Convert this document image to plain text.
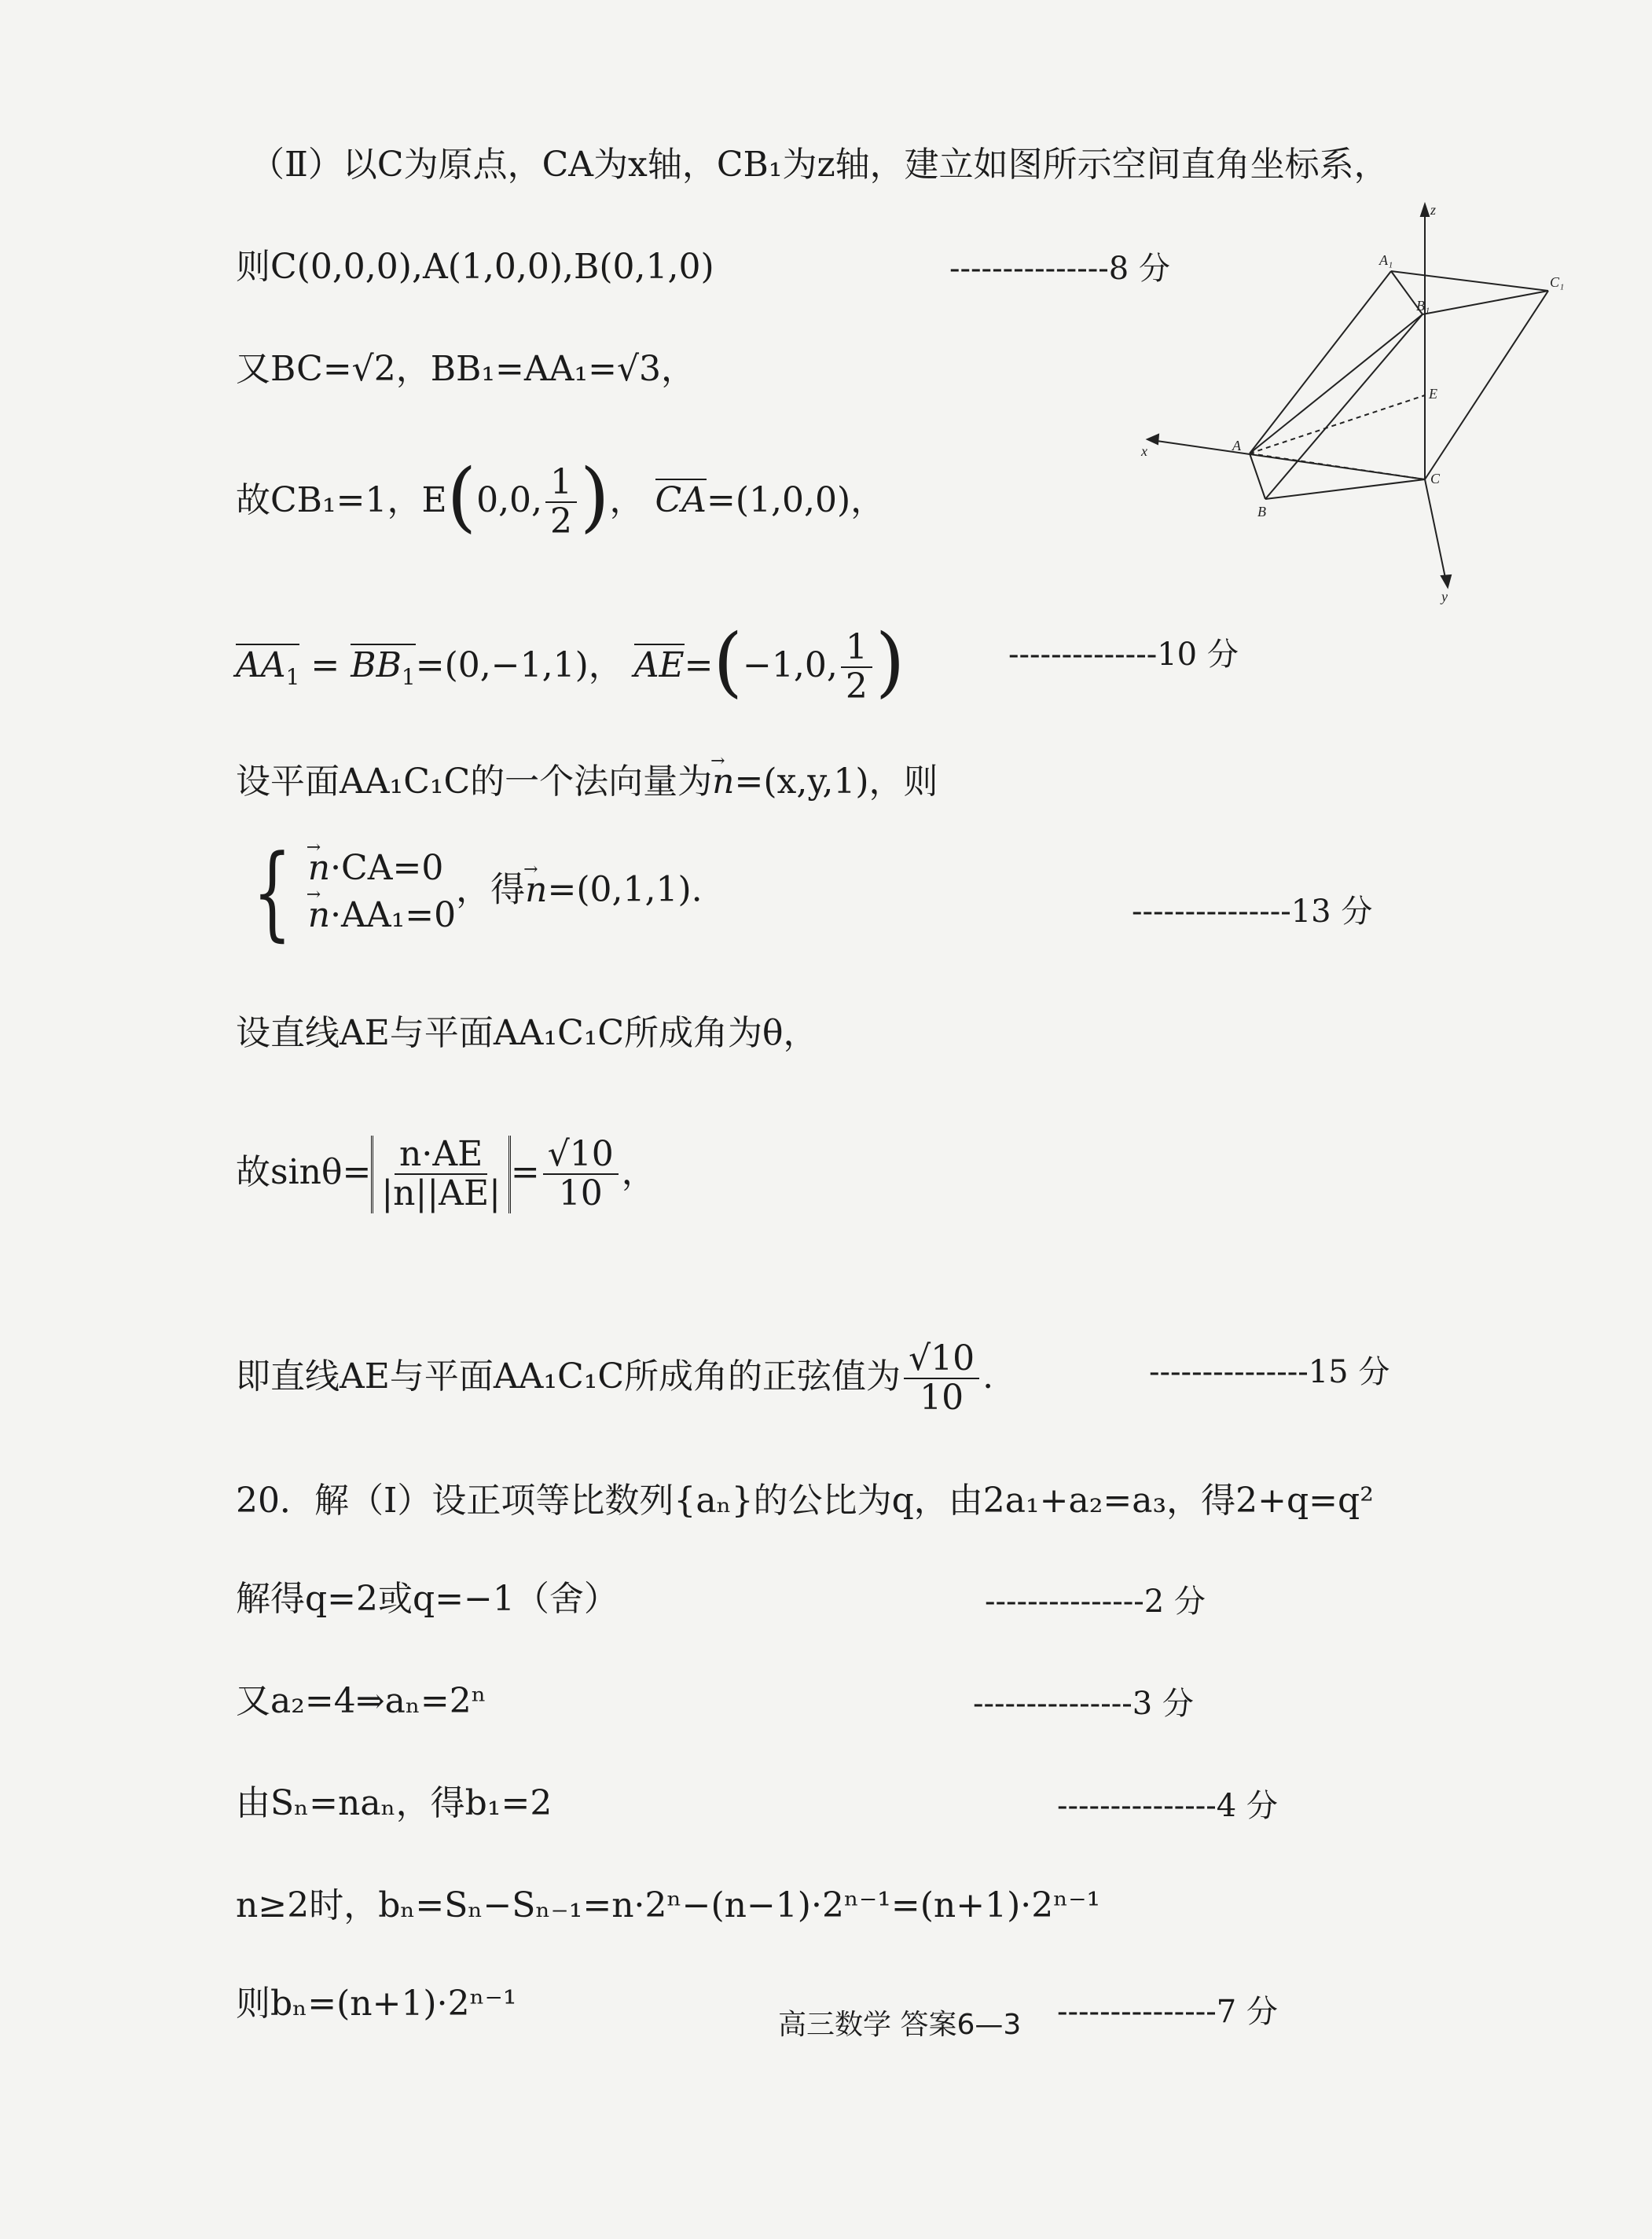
（Ⅱ）以C为原点，CA为x轴，CB₁为z轴，建立如图所示空间直角坐标系，
则C(0,0,0),A(1,0,0),B(0,1,0)	---------------8 分
又BC=√2，BB₁=AA₁=√3，
故CB₁=1，E(0,0, $\frac{1}{2}$ )， CA=(1,0,0)，
$AA_1 = BB_1=(0,-1,1)$， AE=(−1,0, $\frac{1}{2}$ )	--------------10 分
设平面AA₁C₁C的一个法向量为→ n=(x,y,1)，则
{
→ n·CA=0
→ n·AA₁=0
，得→ n=(0,1,1).
---------------13 分
设直线AE与平面AA₁C₁C所成角为θ，
故$\sin\theta= \frac{n\cdot AE}{|n||AE|} = \frac{√10}{10}$ ，
即直线AE与平面AA₁C₁C所成角的正弦值为 $\frac{√10}{10}$ .	---------------15 分
20．解（Ⅰ）设正项等比数列{aₙ}的公比为q，由2a₁+a₂=a₃，得2+q=q²
解得q=2或q=−1（舍）	---------------2 分
又a₂=4⇒aₙ=2ⁿ	---------------3 分
由Sₙ=naₙ，得b₁=2	---------------4 分
n≥2时，bₙ=Sₙ−Sₙ₋₁=n·2ⁿ−(n−1)·2ⁿ⁻¹=(n+1)·2ⁿ⁻¹
则bₙ=(n+1)·2ⁿ⁻¹	---------------7 分
z
x
y
A
A₁
B
B₁
C
C₁
E
高三数学 答案6—3
